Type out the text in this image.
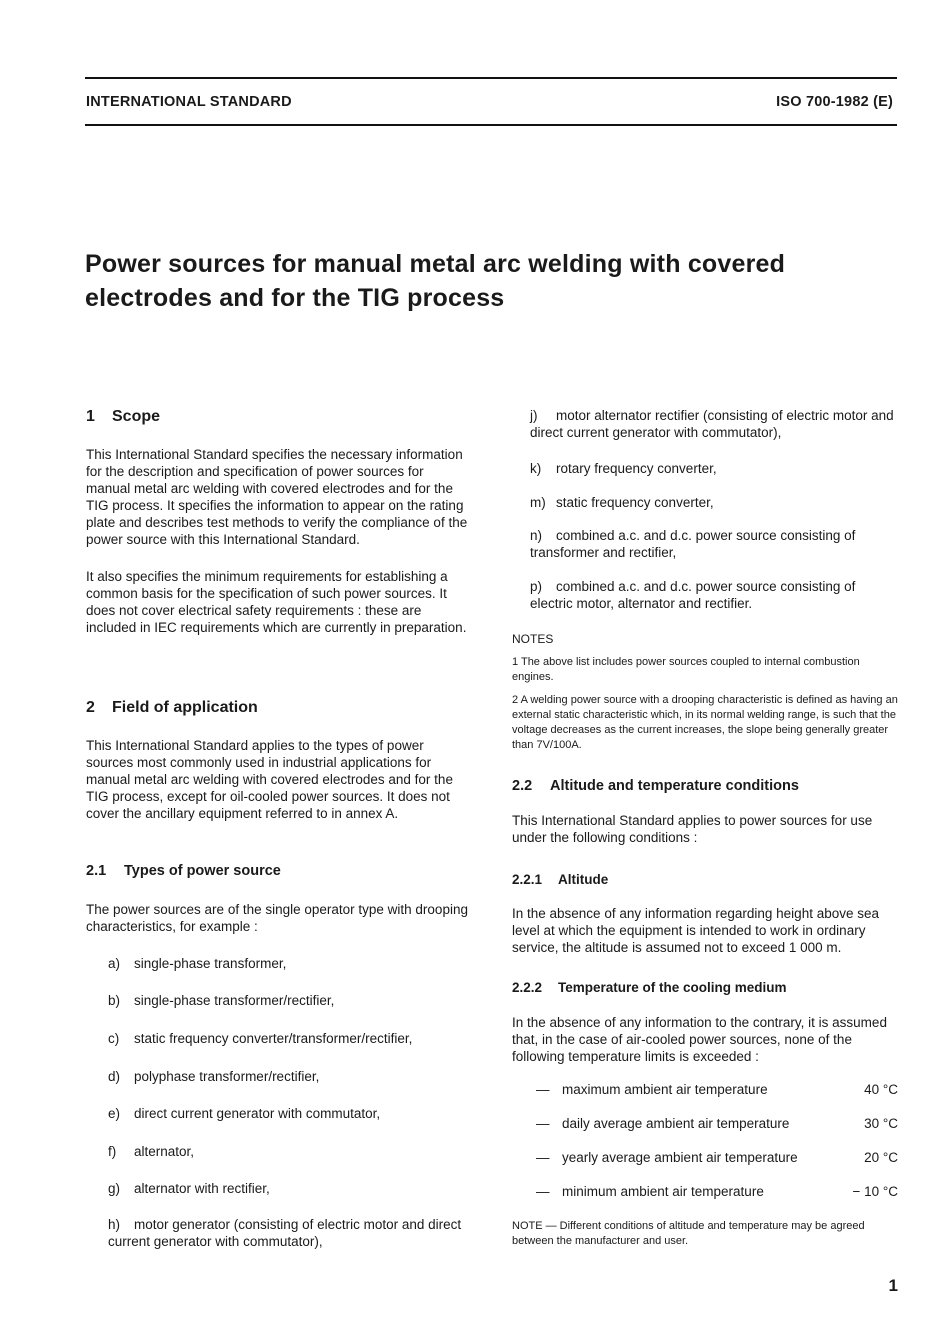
INTERNATIONAL STANDARD	ISO 700-1982 (E)
Power sources for manual metal arc welding with covered electrodes and for the TIG process
1 Scope
This International Standard specifies the necessary information for the description and specification of power sources for manual metal arc welding with covered electrodes and for the TIG process. It specifies the information to appear on the rating plate and describes test methods to verify the compliance of the power source with this International Standard.
It also specifies the minimum requirements for establishing a common basis for the specification of such power sources. It does not cover electrical safety requirements : these are included in IEC requirements which are currently in preparation.
2 Field of application
This International Standard applies to the types of power sources most commonly used in industrial applications for manual metal arc welding with covered electrodes and for the TIG process, except for oil-cooled power sources. It does not cover the ancillary equipment referred to in annex A.
2.1 Types of power source
The power sources are of the single operator type with drooping characteristics, for example :
a) single-phase transformer,
b) single-phase transformer/rectifier,
c) static frequency converter/transformer/rectifier,
d) polyphase transformer/rectifier,
e) direct current generator with commutator,
f) alternator,
g) alternator with rectifier,
h) motor generator (consisting of electric motor and direct current generator with commutator),
j) motor alternator rectifier (consisting of electric motor and direct current generator with commutator),
k) rotary frequency converter,
m) static frequency converter,
n) combined a.c. and d.c. power source consisting of transformer and rectifier,
p) combined a.c. and d.c. power source consisting of electric motor, alternator and rectifier.
NOTES
1 The above list includes power sources coupled to internal combustion engines.
2 A welding power source with a drooping characteristic is defined as having an external static characteristic which, in its normal welding range, is such that the voltage decreases as the current increases, the slope being generally greater than 7V/100A.
2.2 Altitude and temperature conditions
This International Standard applies to power sources for use under the following conditions :
2.2.1 Altitude
In the absence of any information regarding height above sea level at which the equipment is intended to work in ordinary service, the altitude is assumed not to exceed 1 000 m.
2.2.2 Temperature of the cooling medium
In the absence of any information to the contrary, it is assumed that, in the case of air-cooled power sources, none of the following temperature limits is exceeded :
— maximum ambient air temperature	40 °C
— daily average ambient air temperature	30 °C
— yearly average ambient air temperature	20 °C
— minimum ambient air temperature	− 10 °C
NOTE — Different conditions of altitude and temperature may be agreed between the manufacturer and user.
1
